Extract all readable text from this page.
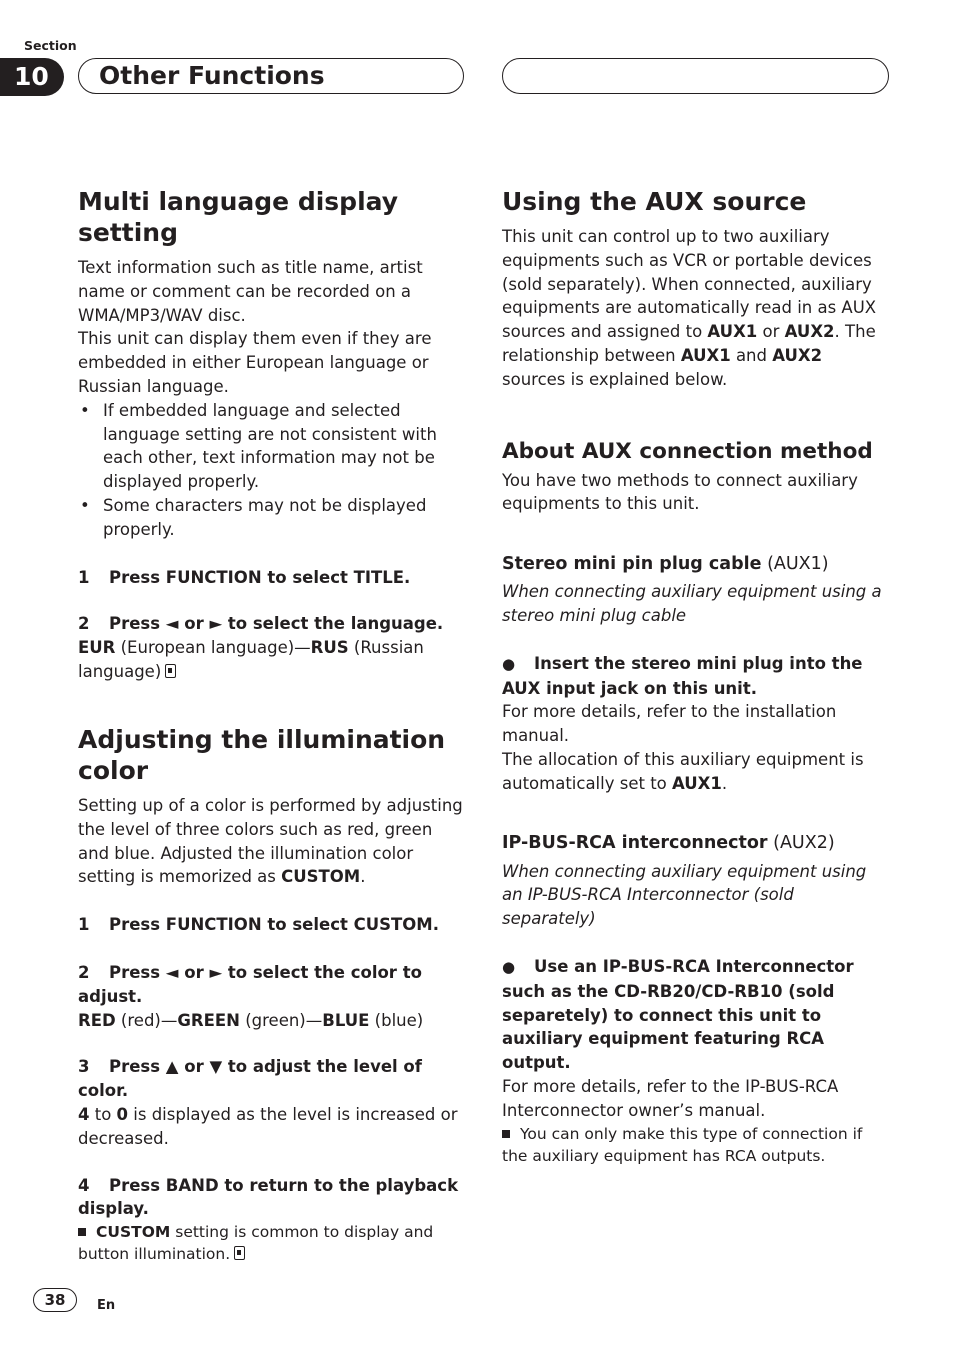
Section
10	Other Functions
Multi language display setting

Text information such as title name, artist name or comment can be recorded on a WMA/MP3/WAV disc.

This unit can display them even if they are embedded in either European language or Russian language.

• If embedded language and selected language setting are not consistent with each other, text information may not be displayed properly.
• Some characters may not be displayed properly.
1 Press FUNCTION to select TITLE.
2 Press ◄ or ► to select the language.

EUR (European language)—RUS (Russian language)

Adjusting the illumination color

Setting up of a color is performed by adjusting the level of three colors such as red, green and blue. Adjusted the illumination color setting is memorized as CUSTOM.

1 Press FUNCTION to select CUSTOM.
2 Press ◄ or ► to select the color to adjust.

RED (red)—GREEN (green)—BLUE (blue)

3 Press ▲ or ▼ to adjust the level of color.

4 to 0 is displayed as the level is increased or decreased.

4 Press BAND to return to the playback display.

CUSTOM setting is common to display and button illumination.

Using the AUX source

This unit can control up to two auxiliary equipments such as VCR or portable devices (sold separately). When connected, auxiliary equipments are automatically read in as AUX sources and assigned to AUX1 or AUX2. The relationship between AUX1 and AUX2 sources is explained below.

About AUX connection method

You have two methods to connect auxiliary equipments to this unit.

Stereo mini pin plug cable (AUX1)

When connecting auxiliary equipment using a stereo mini plug cable

● Insert the stereo mini plug into the AUX input jack on this unit.

For more details, refer to the installation manual.

The allocation of this auxiliary equipment is automatically set to AUX1.

IP-BUS-RCA interconnector (AUX2)

When connecting auxiliary equipment using an IP-BUS-RCA Interconnector (sold separately)

● Use an IP-BUS-RCA Interconnector such as the CD-RB20/CD-RB10 (sold separetely) to connect this unit to auxiliary equipment featuring RCA output.

For more details, refer to the IP-BUS-RCA Interconnector owner’s manual.

You can only make this type of connection if the auxiliary equipment has RCA outputs.

38	En
